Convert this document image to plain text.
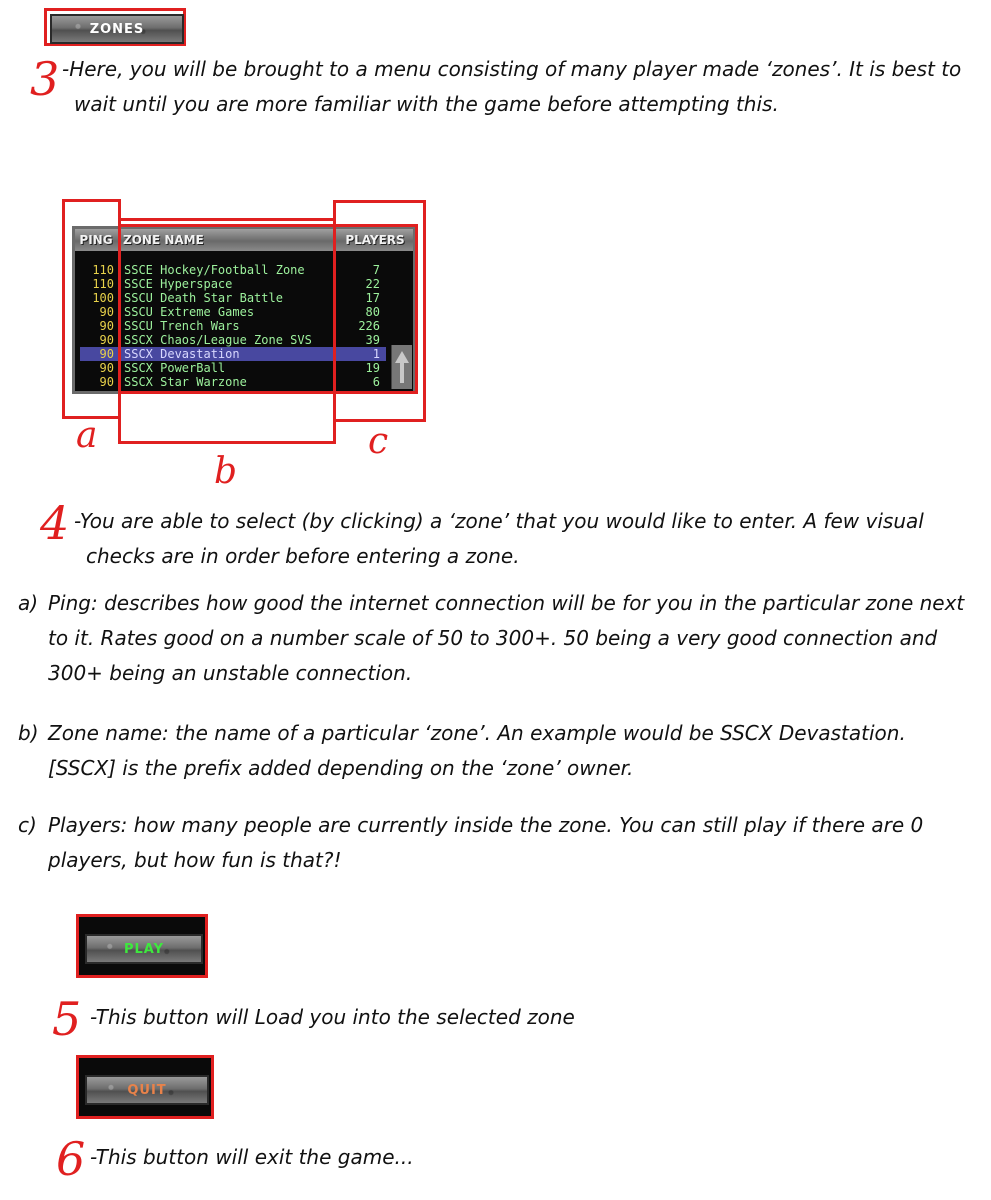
ZONES
3 -Here, you will be brought to a menu consisting of many player made ‘zones’. It is best to
wait until you are more familiar with the game before attempting this.
PING ZONE NAME	PLAYERS
110 SSCE Hockey/Football Zone	7
110 SSCE Hyperspace	22
100 SSCU Death Star Battle	17
90 SSCU Extreme Games	80
90 SSCU Trench Wars	226
90 SSCX Chaos/League Zone SVS	39
90 SSCX Devastation	1
90 SSCX PowerBall	19
90 SSCX Star Warzone	6
a
b
c
4 -You are able to select (by clicking) a ‘zone’ that you would like to enter. A few visual
checks are in order before entering a zone.
a) Ping: describes how good the internet connection will be for you in the particular zone next
to it. Rates good on a number scale of 50 to 300+. 50 being a very good connection and
300+ being an unstable connection.
b) Zone name: the name of a particular ‘zone’. An example would be SSCX Devastation.
[SSCX] is the prefix added depending on the ‘zone’ owner.
c) Players: how many people are currently inside the zone. You can still play if there are 0
players, but how fun is that?!
PLAY
5 -This button will Load you into the selected zone
QUIT
6 -This button will exit the game...
